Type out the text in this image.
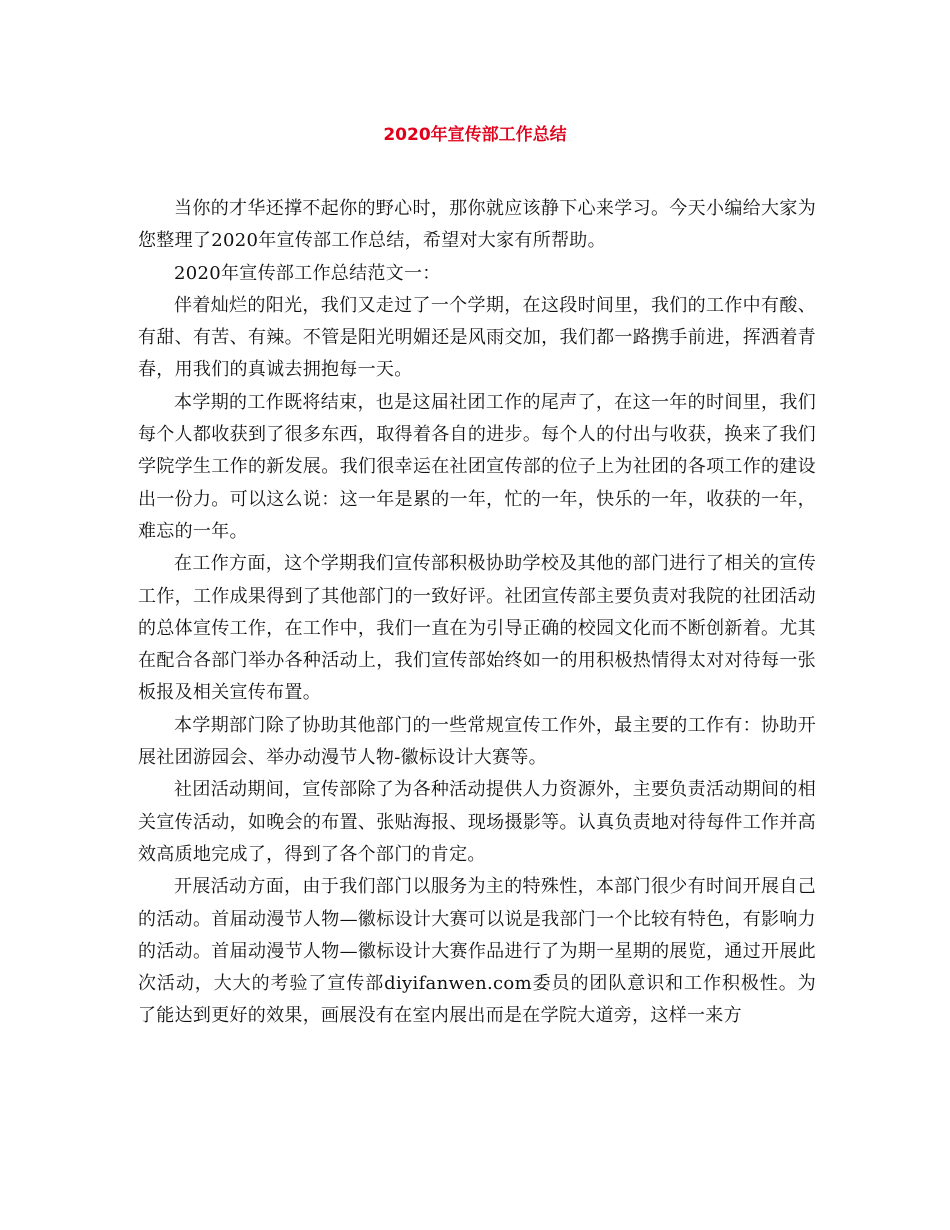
2020年宣传部工作总结

当你的才华还撑不起你的野心时，那你就应该静下心来学习。今天小编给大家为您整理了2020年宣传部工作总结，希望对大家有所帮助。

2020年宣传部工作总结范文一：

伴着灿烂的阳光，我们又走过了一个学期，在这段时间里，我们的工作中有酸、有甜、有苦、有辣。不管是阳光明媚还是风雨交加，我们都一路携手前进，挥洒着青春，用我们的真诚去拥抱每一天。

本学期的工作既将结束，也是这届社团工作的尾声了，在这一年的时间里，我们每个人都收获到了很多东西，取得着各自的进步。每个人的付出与收获，换来了我们学院学生工作的新发展。我们很幸运在社团宣传部的位子上为社团的各项工作的建设出一份力。可以这么说：这一年是累的一年，忙的一年，快乐的一年，收获的一年，难忘的一年。

在工作方面，这个学期我们宣传部积极协助学校及其他的部门进行了相关的宣传工作，工作成果得到了其他部门的一致好评。社团宣传部主要负责对我院的社团活动的总体宣传工作，在工作中，我们一直在为引导正确的校园文化而不断创新着。尤其在配合各部门举办各种活动上，我们宣传部始终如一的用积极热情得太对对待每一张板报及相关宣传布置。

本学期部门除了协助其他部门的一些常规宣传工作外，最主要的工作有：协助开展社团游园会、举办动漫节人物-徽标设计大赛等。

社团活动期间，宣传部除了为各种活动提供人力资源外，主要负责活动期间的相关宣传活动，如晚会的布置、张贴海报、现场摄影等。认真负责地对待每件工作并高效高质地完成了，得到了各个部门的肯定。

开展活动方面，由于我们部门以服务为主的特殊性，本部门很少有时间开展自己的活动。首届动漫节人物—徽标设计大赛可以说是我部门一个比较有特色，有影响力的活动。首届动漫节人物—徽标设计大赛作品进行了为期一星期的展览，通过开展此次活动，大大的考验了宣传部diyifanwen.com委员的团队意识和工作积极性。为了能达到更好的效果，画展没有在室内展出而是在学院大道旁，这样一来方
